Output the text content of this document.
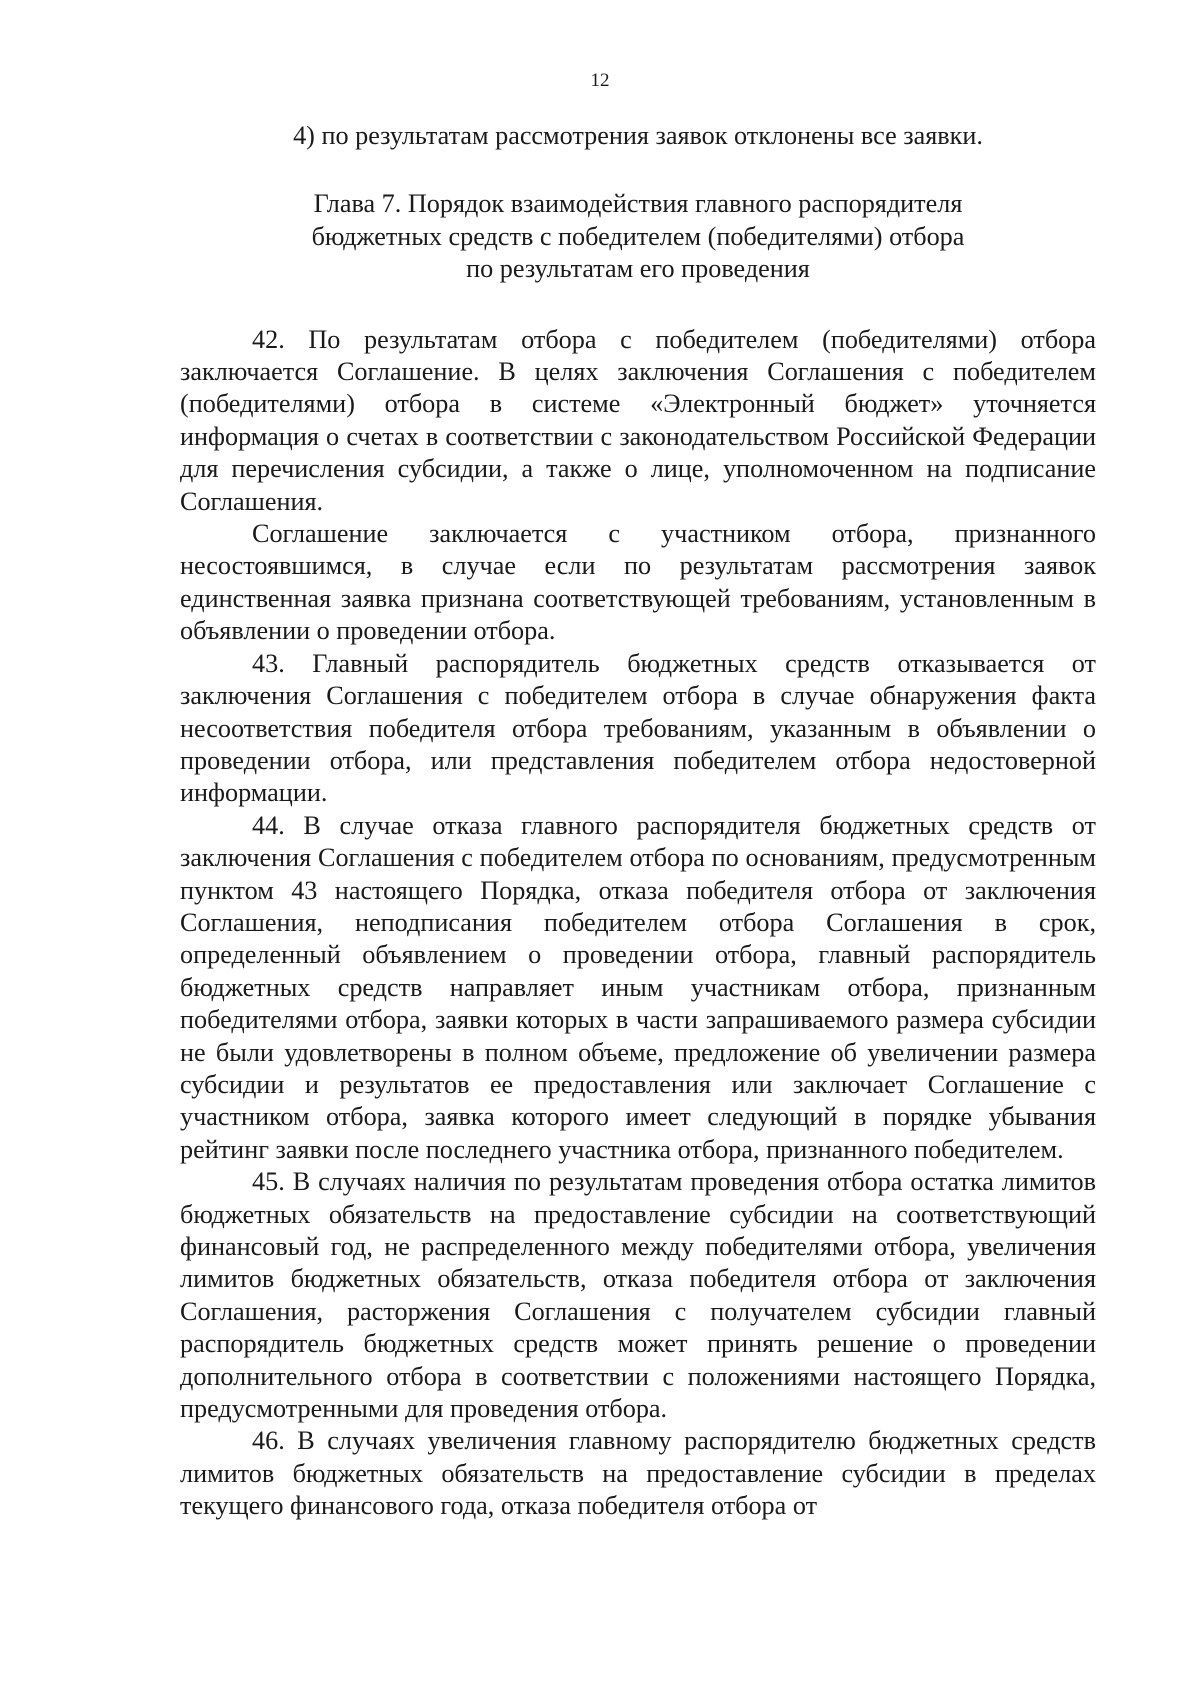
12

4) по результатам рассмотрения заявок отклонены все заявки.

Глава 7. Порядок взаимодействия главного распорядителя
бюджетных средств с победителем (победителями) отбора
по результатам его проведения

42. По результатам отбора с победителем (победителями) отбора заключается Соглашение. В целях заключения Соглашения с победителем (победителями) отбора в системе «Электронный бюджет» уточняется информация о счетах в соответствии с законодательством Российской Федерации для перечисления субсидии, а также о лице, уполномоченном на подписание Соглашения.

Соглашение заключается с участником отбора, признанного несостоявшимся, в случае если по результатам рассмотрения заявок единственная заявка признана соответствующей требованиям, установленным в объявлении о проведении отбора.

43. Главный распорядитель бюджетных средств отказывается от заключения Соглашения с победителем отбора в случае обнаружения факта несоответствия победителя отбора требованиям, указанным в объявлении о проведении отбора, или представления победителем отбора недостоверной информации.

44. В случае отказа главного распорядителя бюджетных средств от заключения Соглашения с победителем отбора по основаниям, предусмотренным пунктом 43 настоящего Порядка, отказа победителя отбора от заключения Соглашения, неподписания победителем отбора Соглашения в срок, определенный объявлением о проведении отбора, главный распорядитель бюджетных средств направляет иным участникам отбора, признанным победителями отбора, заявки которых в части запрашиваемого размера субсидии не были удовлетворены в полном объеме, предложение об увеличении размера субсидии и результатов ее предоставления или заключает Соглашение с участником отбора, заявка которого имеет следующий в порядке убывания рейтинг заявки после последнего участника отбора, признанного победителем.

45. В случаях наличия по результатам проведения отбора остатка лимитов бюджетных обязательств на предоставление субсидии на соответствующий финансовый год, не распределенного между победителями отбора, увеличения лимитов бюджетных обязательств, отказа победителя отбора от заключения Соглашения, расторжения Соглашения с получателем субсидии главный распорядитель бюджетных средств может принять решение о проведении дополнительного отбора в соответствии с положениями настоящего Порядка, предусмотренными для проведения отбора.

46. В случаях увеличения главному распорядителю бюджетных средств лимитов бюджетных обязательств на предоставление субсидии в пределах текущего финансового года, отказа победителя отбора от
